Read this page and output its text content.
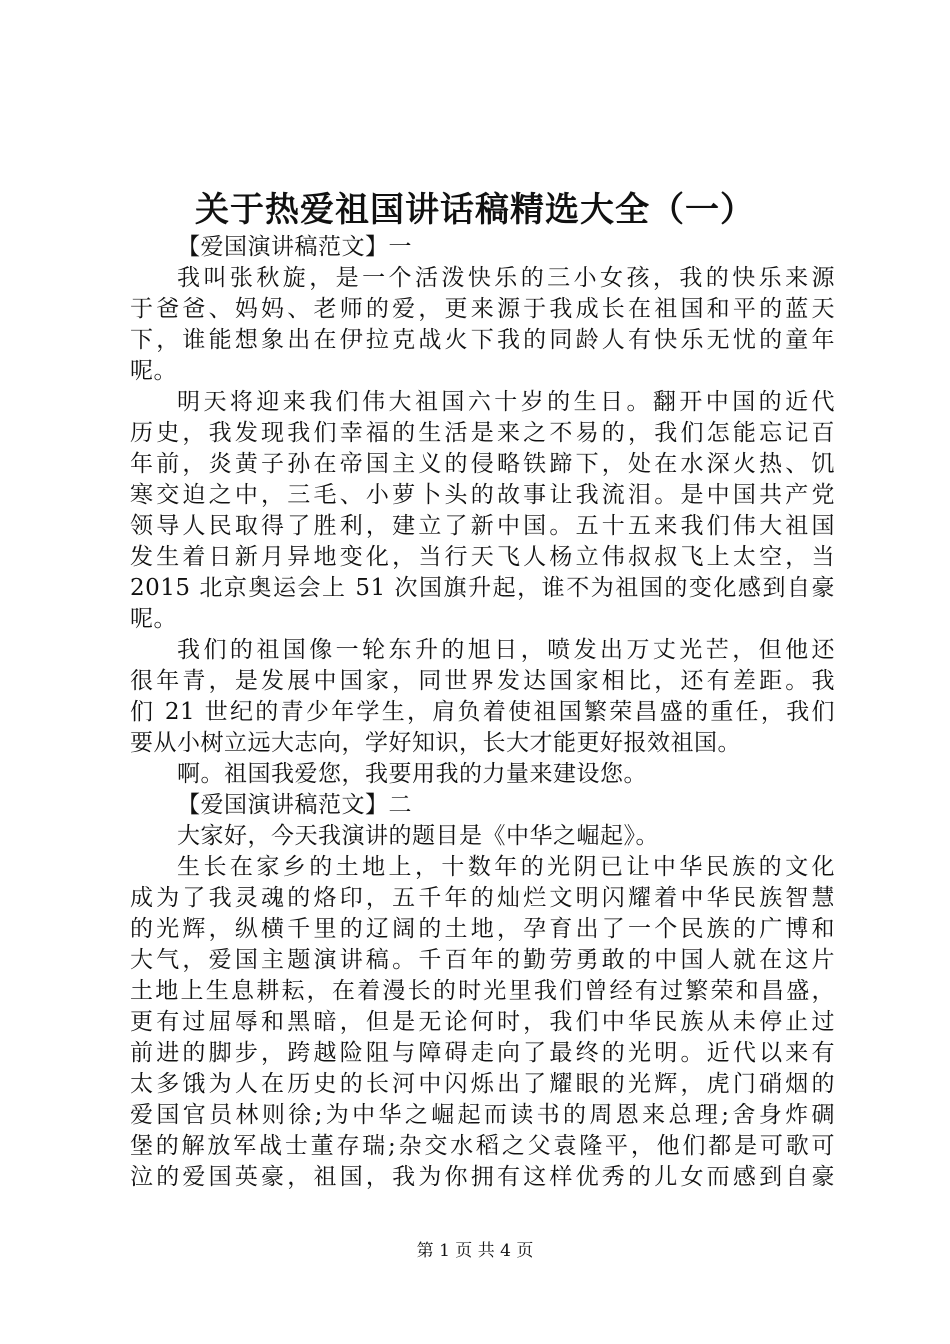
关于热爱祖国讲话稿精选大全（一）
【爱国演讲稿范文】一
我叫张秋旋，是一个活泼快乐的三小女孩，我的快乐来源
于爸爸、妈妈、老师的爱，更来源于我成长在祖国和平的蓝天
下，谁能想象出在伊拉克战火下我的同龄人有快乐无忧的童年
呢。
明天将迎来我们伟大祖国六十岁的生日。翻开中国的近代
历史，我发现我们幸福的生活是来之不易的，我们怎能忘记百
年前，炎黄子孙在帝国主义的侵略铁蹄下，处在水深火热、饥
寒交迫之中，三毛、小萝卜头的故事让我流泪。是中国共产党
领导人民取得了胜利，建立了新中国。五十五来我们伟大祖国
发生着日新月异地变化，当行天飞人杨立伟叔叔飞上太空，当
2015 北京奥运会上 51 次国旗升起，谁不为祖国的变化感到自豪
呢。
我们的祖国像一轮东升的旭日，喷发出万丈光芒，但他还
很年青，是发展中国家，同世界发达国家相比，还有差距。我
们 21 世纪的青少年学生，肩负着使祖国繁荣昌盛的重任，我们
要从小树立远大志向，学好知识，长大才能更好报效祖国。
啊。祖国我爱您，我要用我的力量来建设您。
【爱国演讲稿范文】二
大家好，今天我演讲的题目是《中华之崛起》。
生长在家乡的土地上，十数年的光阴已让中华民族的文化
成为了我灵魂的烙印，五千年的灿烂文明闪耀着中华民族智慧
的光辉，纵横千里的辽阔的土地，孕育出了一个民族的广博和
大气，爱国主题演讲稿。千百年的勤劳勇敢的中国人就在这片
土地上生息耕耘，在着漫长的时光里我们曾经有过繁荣和昌盛，
更有过屈辱和黑暗，但是无论何时，我们中华民族从未停止过
前进的脚步，跨越险阻与障碍走向了最终的光明。近代以来有
太多饿为人在历史的长河中闪烁出了耀眼的光辉，虎门硝烟的
爱国官员林则徐;为中华之崛起而读书的周恩来总理;舍身炸碉
堡的解放军战士董存瑞;杂交水稻之父袁隆平，他们都是可歌可
泣的爱国英豪，祖国，我为你拥有这样优秀的儿女而感到自豪
第 1 页 共 4 页
